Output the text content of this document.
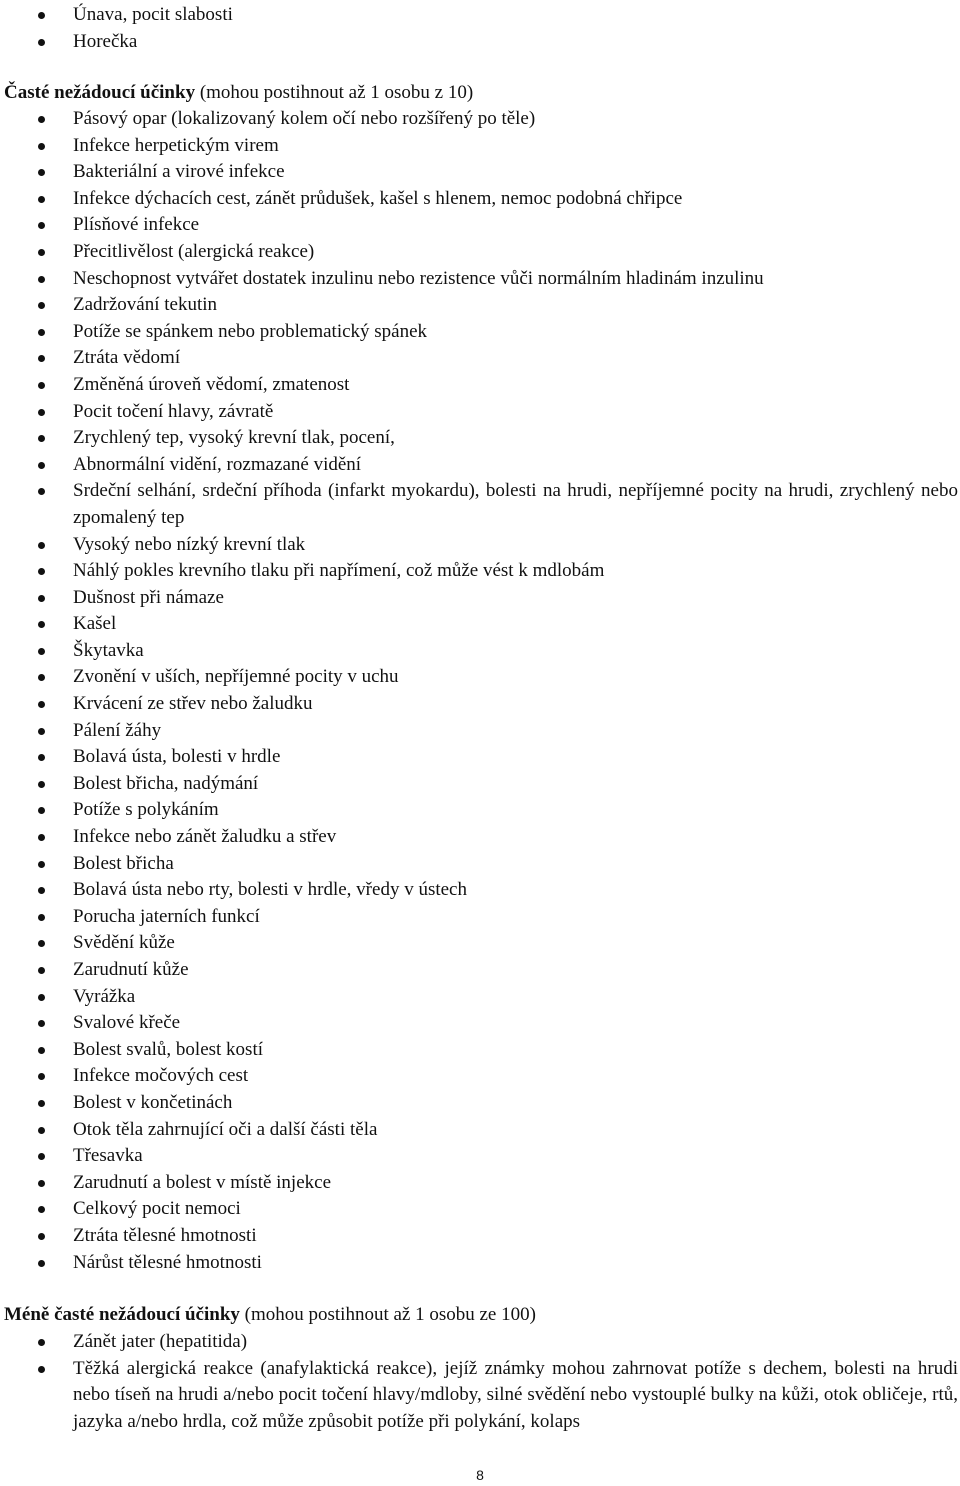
Únava, pocit slabosti
Horečka

Časté nežádoucí účinky (mohou postihnout až 1 osobu z 10)

Pásový opar (lokalizovaný kolem očí nebo rozšířený po těle)
Infekce herpetickým virem
Bakteriální a virové infekce
Infekce dýchacích cest, zánět průdušek, kašel s hlenem, nemoc podobná chřipce
Plísňové infekce
Přecitlivělost (alergická reakce)
Neschopnost vytvářet dostatek inzulinu nebo rezistence vůči normálním hladinám inzulinu
Zadržování tekutin
Potíže se spánkem nebo problematický spánek
Ztráta vědomí
Změněná úroveň vědomí, zmatenost
Pocit točení hlavy, závratě
Zrychlený tep, vysoký krevní tlak, pocení,
Abnormální vidění, rozmazané vidění
Srdeční selhání, srdeční příhoda (infarkt myokardu), bolesti na hrudi, nepříjemné pocity na hrudi, zrychlený nebo zpomalený tep
Vysoký nebo nízký krevní tlak
Náhlý pokles krevního tlaku při napřímení, což může vést k mdlobám
Dušnost při námaze
Kašel
Škytavka
Zvonění v uších, nepříjemné pocity v uchu
Krvácení ze střev nebo žaludku
Pálení žáhy
Bolavá ústa, bolesti v hrdle
Bolest břicha, nadýmání
Potíže s polykáním
Infekce nebo zánět žaludku a střev
Bolest břicha
Bolavá ústa nebo rty, bolesti v hrdle, vředy v ústech
Porucha jaterních funkcí
Svědění kůže
Zarudnutí kůže
Vyrážka
Svalové křeče
Bolest svalů, bolest kostí
Infekce močových cest
Bolest v končetinách
Otok těla zahrnující oči a další části těla
Třesavka
Zarudnutí a bolest v místě injekce
Celkový pocit nemoci
Ztráta tělesné hmotnosti
Nárůst tělesné hmotnosti

Méně časté nežádoucí účinky (mohou postihnout až 1 osobu ze 100)

Zánět jater (hepatitida)
Těžká alergická reakce (anafylaktická reakce), jejíž známky mohou zahrnovat potíže s dechem, bolesti na hrudi nebo tíseň na hrudi a/nebo pocit točení hlavy/mdloby, silné svědění nebo vystouplé bulky na kůži, otok obličeje, rtů, jazyka a/nebo hrdla, což může způsobit potíže při polykání, kolaps
8
